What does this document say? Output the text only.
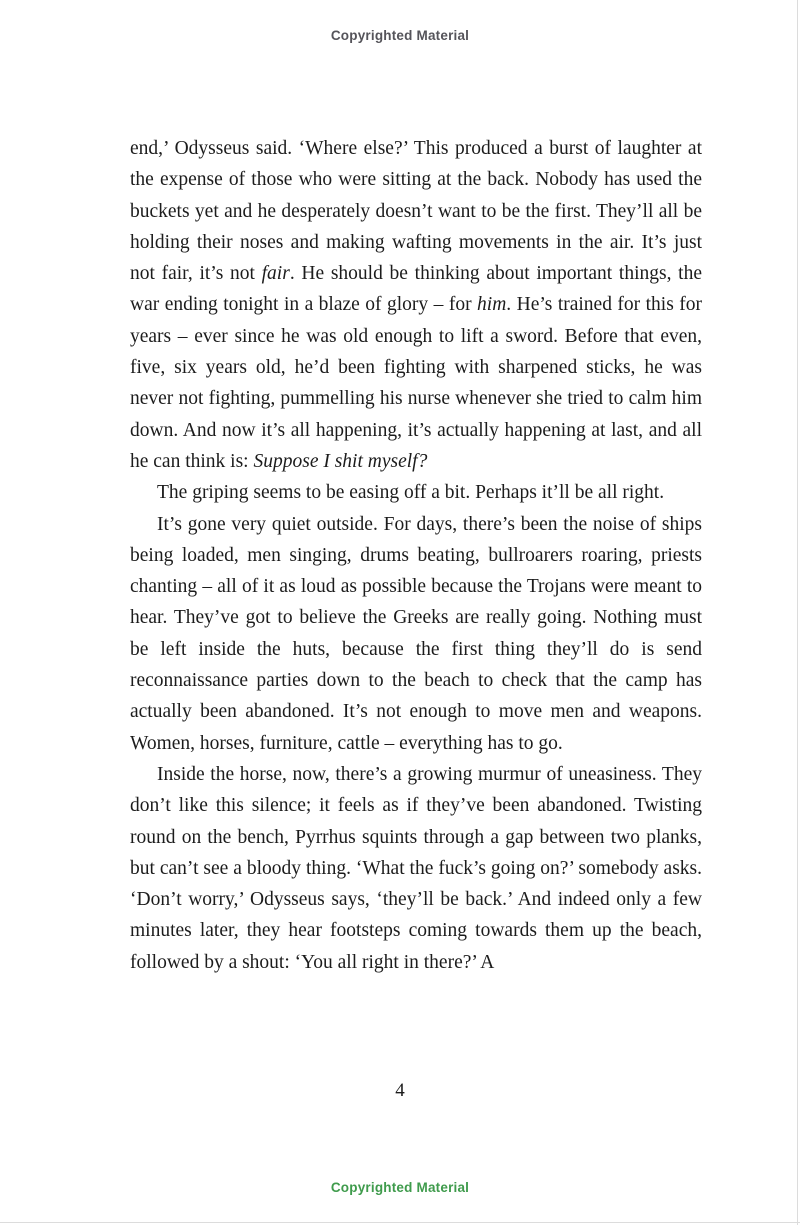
Copyrighted Material

end,’ Odysseus said. ‘Where else?’ This produced a burst of laughter at the expense of those who were sitting at the back. Nobody has used the buckets yet and he desperately doesn’t want to be the first. They’ll all be holding their noses and making wafting movements in the air. It’s just not fair, it’s not fair. He should be thinking about important things, the war ending tonight in a blaze of glory – for him. He’s trained for this for years – ever since he was old enough to lift a sword. Before that even, five, six years old, he’d been fighting with sharpened sticks, he was never not fighting, pummelling his nurse whenever she tried to calm him down. And now it’s all happening, it’s actually happening at last, and all he can think is: Suppose I shit myself?

The griping seems to be easing off a bit. Perhaps it’ll be all right.

It’s gone very quiet outside. For days, there’s been the noise of ships being loaded, men singing, drums beating, bullroarers roaring, priests chanting – all of it as loud as possible because the Trojans were meant to hear. They’ve got to believe the Greeks are really going. Nothing must be left inside the huts, because the first thing they’ll do is send reconnaissance parties down to the beach to check that the camp has actually been abandoned. It’s not enough to move men and weapons. Women, horses, furniture, cattle – everything has to go.

Inside the horse, now, there’s a growing murmur of uneasiness. They don’t like this silence; it feels as if they’ve been abandoned. Twisting round on the bench, Pyrrhus squints through a gap between two planks, but can’t see a bloody thing. ‘What the fuck’s going on?’ somebody asks. ‘Don’t worry,’ Odysseus says, ‘they’ll be back.’ And indeed only a few minutes later, they hear footsteps coming towards them up the beach, followed by a shout: ‘You all right in there?’ A

4
Copyrighted Material
